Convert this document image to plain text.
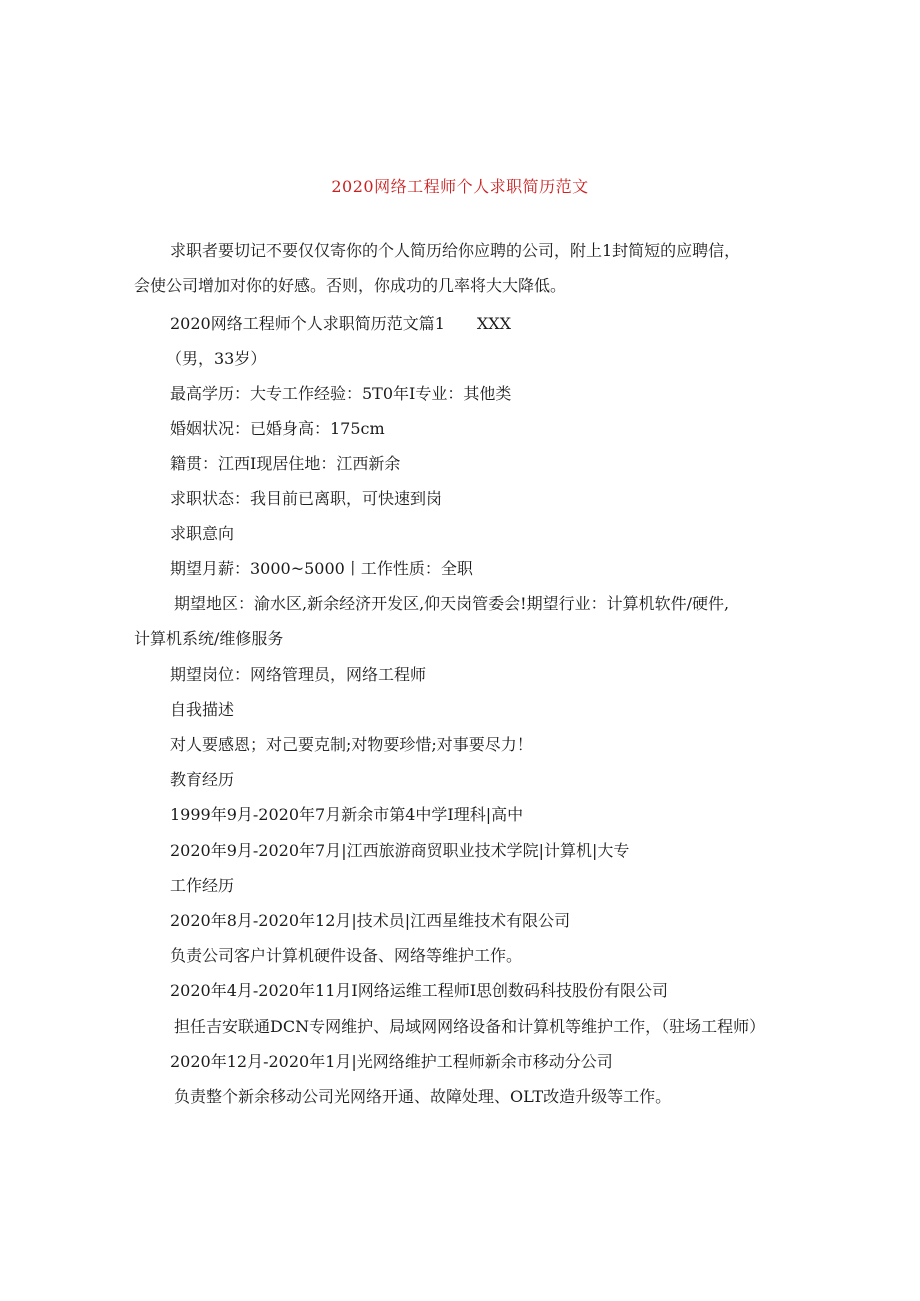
2020网络工程师个人求职简历范文
求职者要切记不要仅仅寄你的个人简历给你应聘的公司，附上1封简短的应聘信，
会使公司增加对你的好感。否则，你成功的几率将大大降低。
2020网络工程师个人求职简历范文篇1　　XXX
（男，33岁）
最高学历：大专工作经验：5T0年I专业：其他类
婚姻状况：已婚身高：175cm
籍贯：江西I现居住地：江西新余
求职状态：我目前已离职，可快速到岗
求职意向
期望月薪：3000~5000丨工作性质：全职
期望地区：渝水区,新余经济开发区,仰天岗管委会!期望行业：计算机软件/硬件,
计算机系统/维修服务
期望岗位：网络管理员，网络工程师
自我描述
对人要感恩；对己要克制;对物要珍惜;对事要尽力！
教育经历
1999年9月-2020年7月新余市第4中学I理科|高中
2020年9月-2020年7月|江西旅游商贸职业技术学院|计算机|大专
工作经历
2020年8月-2020年12月|技术员|江西星维技术有限公司
负责公司客户计算机硬件设备、网络等维护工作。
2020年4月-2020年11月I网络运维工程师I思创数码科技股份有限公司
担任吉安联通DCN专网维护、局域网网络设备和计算机等维护工作，（驻场工程师）
2020年12月-2020年1月|光网络维护工程师新余市移动分公司
负责整个新余移动公司光网络开通、故障处理、OLT改造升级等工作。
